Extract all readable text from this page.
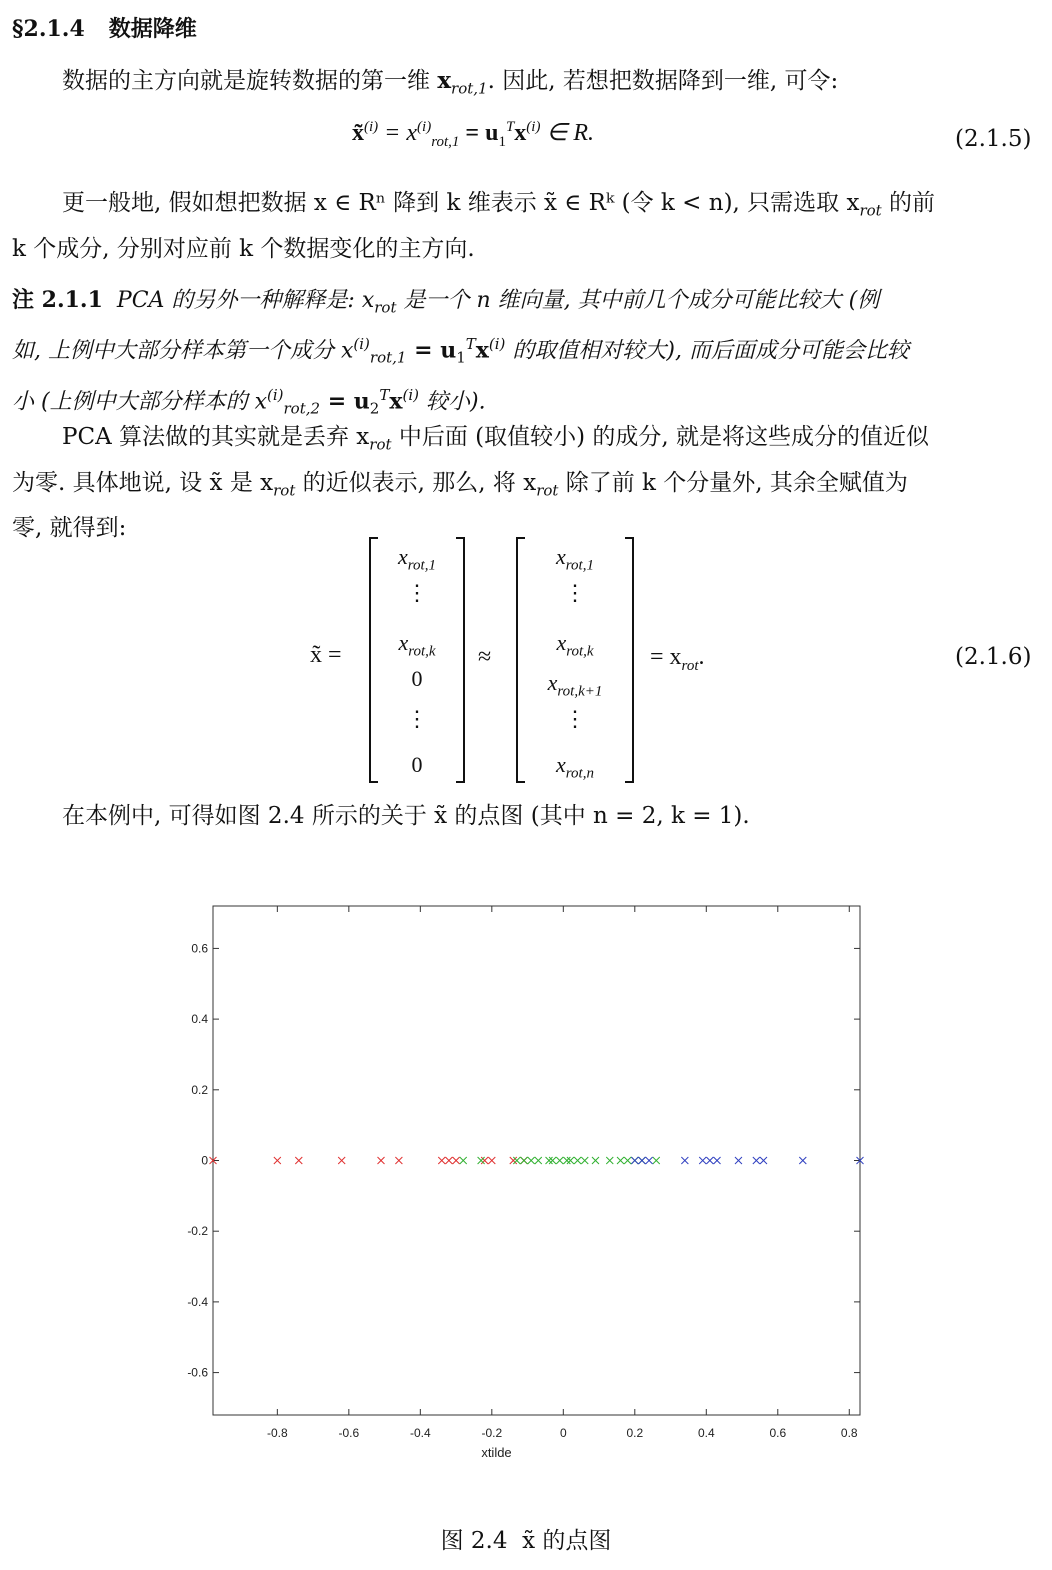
§2.1.4 数据降维
数据的主方向就是旋转数据的第一维 $x_{rot,1}$. 因此, 若想把数据降到一维, 可令:
x̃$^{(i)}$ = $x^{(i)}_{rot,1} = u_1^Tx^{(i)}$ ∈ R.	(2.1.5)
更一般地, 假如想把数据 x ∈ Rⁿ 降到 k 维表示 x̃ ∈ Rᵏ (令 k < n), 只需选取 $x_{rot}$ 的前
k 个成分, 分别对应前 k 个数据变化的主方向.
注 2.1.1 PCA 的另外一种解释是: $x_{rot}$ 是一个 n 维向量, 其中前几个成分可能比较大 (例
如, 上例中大部分样本第一个成分 $x^{(i)}_{rot,1} = u_1^Tx^{(i)}$ 的取值相对较大), 而后面成分可能会比较
小 (上例中大部分样本的 $x^{(i)}_{rot,2} = u_2^Tx^{(i)}$ 较小).
PCA 算法做的其实就是丢弃 $x_{rot}$ 中后面 (取值较小) 的成分, 就是将这些成分的值近似
为零. 具体地说, 设 x̃ 是 $x_{rot}$ 的近似表示, 那么, 将 $x_{rot}$ 除了前 k 个分量外, 其余全赋值为
零, 就得到:
x̃ =
$x_{rot,1}$
⋮
$x_{rot,k}$
0
⋮
0
≈
$x_{rot,1}$
⋮
$x_{rot,k}$
$x_{rot,k+1}$
⋮
$x_{rot,n}$
= $x_{rot}$.	(2.1.6)
在本例中, 可得如图 2.4 所示的关于 x̃ 的点图 (其中 n = 2, k = 1).
-0.8	-0.6	-0.4	-0.2	0	0.2	0.4	0.6	0.8
0.6
0.4
0.2
0
-0.2
-0.4
-0.6
xtilde
图 2.4 x̃ 的点图
